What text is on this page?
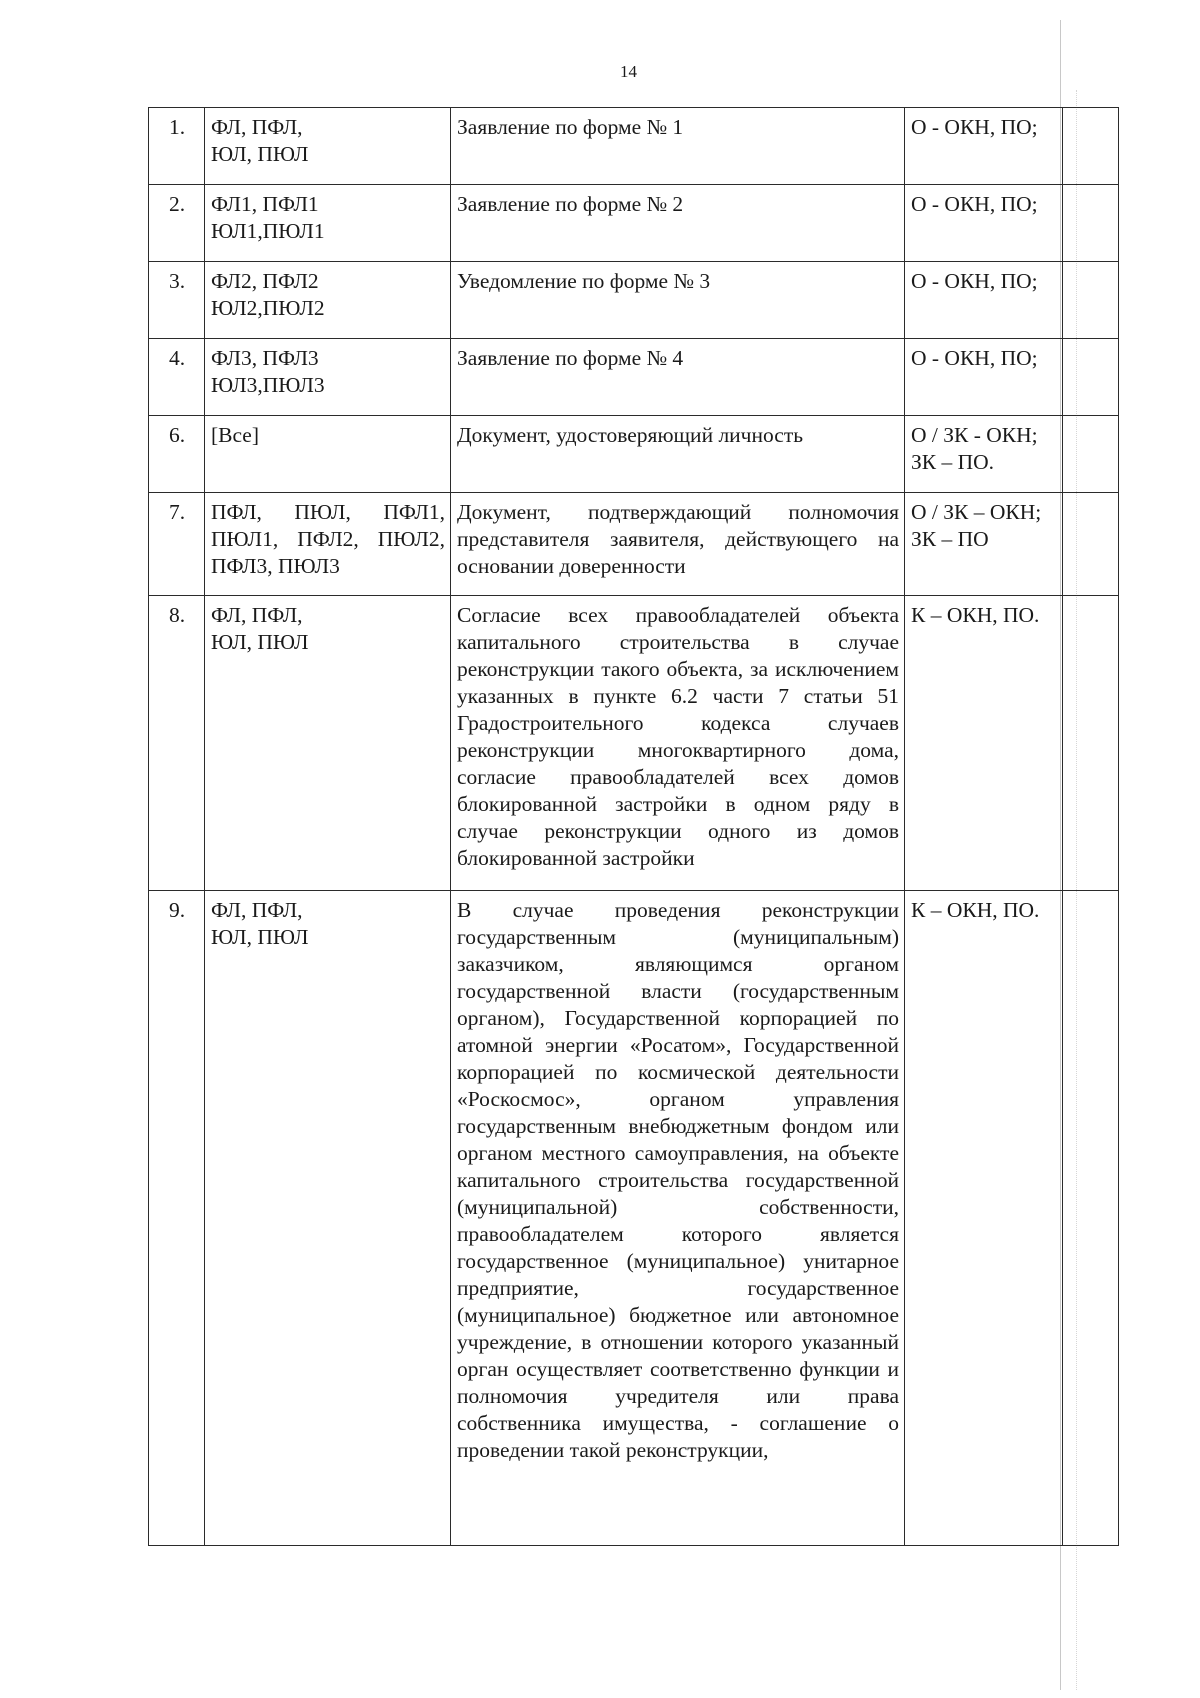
14
1.	ФЛ, ПФЛ,
ЮЛ, ПЮЛ	Заявление по форме № 1	О - ОКН, ПО;	

2.	ФЛ1, ПФЛ1
ЮЛ1,ПЮЛ1	Заявление по форме № 2	О - ОКН, ПО;	

3.	ФЛ2, ПФЛ2
ЮЛ2,ПЮЛ2	Уведомление по форме № 3	О - ОКН, ПО;	

4.	ФЛ3, ПФЛ3
ЮЛ3,ПЮЛ3	Заявление по форме № 4	О - ОКН, ПО;	

6.	[Все]	Документ, удостоверяющий личность	О / ЗК - ОКН;
ЗК – ПО.	

7.	ПФЛ, ПЮЛ, ПФЛ1, ПЮЛ1, ПФЛ2, ПЮЛ2, ПФЛ3, ПЮЛ3	Документ, подтверждающий полномочия представителя заявителя, действующего на основании доверенности	О / ЗК – ОКН;
ЗК – ПО	

8.	ФЛ, ПФЛ,
ЮЛ, ПЮЛ	Согласие всех правообладателей объекта капитального строительства в случае реконструкции такого объекта, за исключением указанных в пункте 6.2 части 7 статьи 51 Градостроительного кодекса случаев реконструкции многоквартирного дома, согласие правообладателей всех домов блокированной застройки в одном ряду в случае реконструкции одного из домов блокированной застройки	К – ОКН, ПО.	

9.	ФЛ, ПФЛ,
ЮЛ, ПЮЛ	В случае проведения реконструкции государственным (муниципальным) заказчиком, являющимся органом государственной власти (государственным органом), Государственной корпорацией по атомной энергии «Росатом», Государственной корпорацией по космической деятельности «Роскосмос», органом управления государственным внебюджетным фондом или органом местного самоуправления, на объекте капитального строительства государственной (муниципальной) собственности, правообладателем которого является государственное (муниципальное) унитарное предприятие, государственное (муниципальное) бюджетное или автономное учреждение, в отношении которого указанный орган осуществляет соответственно функции и полномочия учредителя или права собственника имущества, - соглашение о проведении такой реконструкции,	К – ОКН, ПО.	
